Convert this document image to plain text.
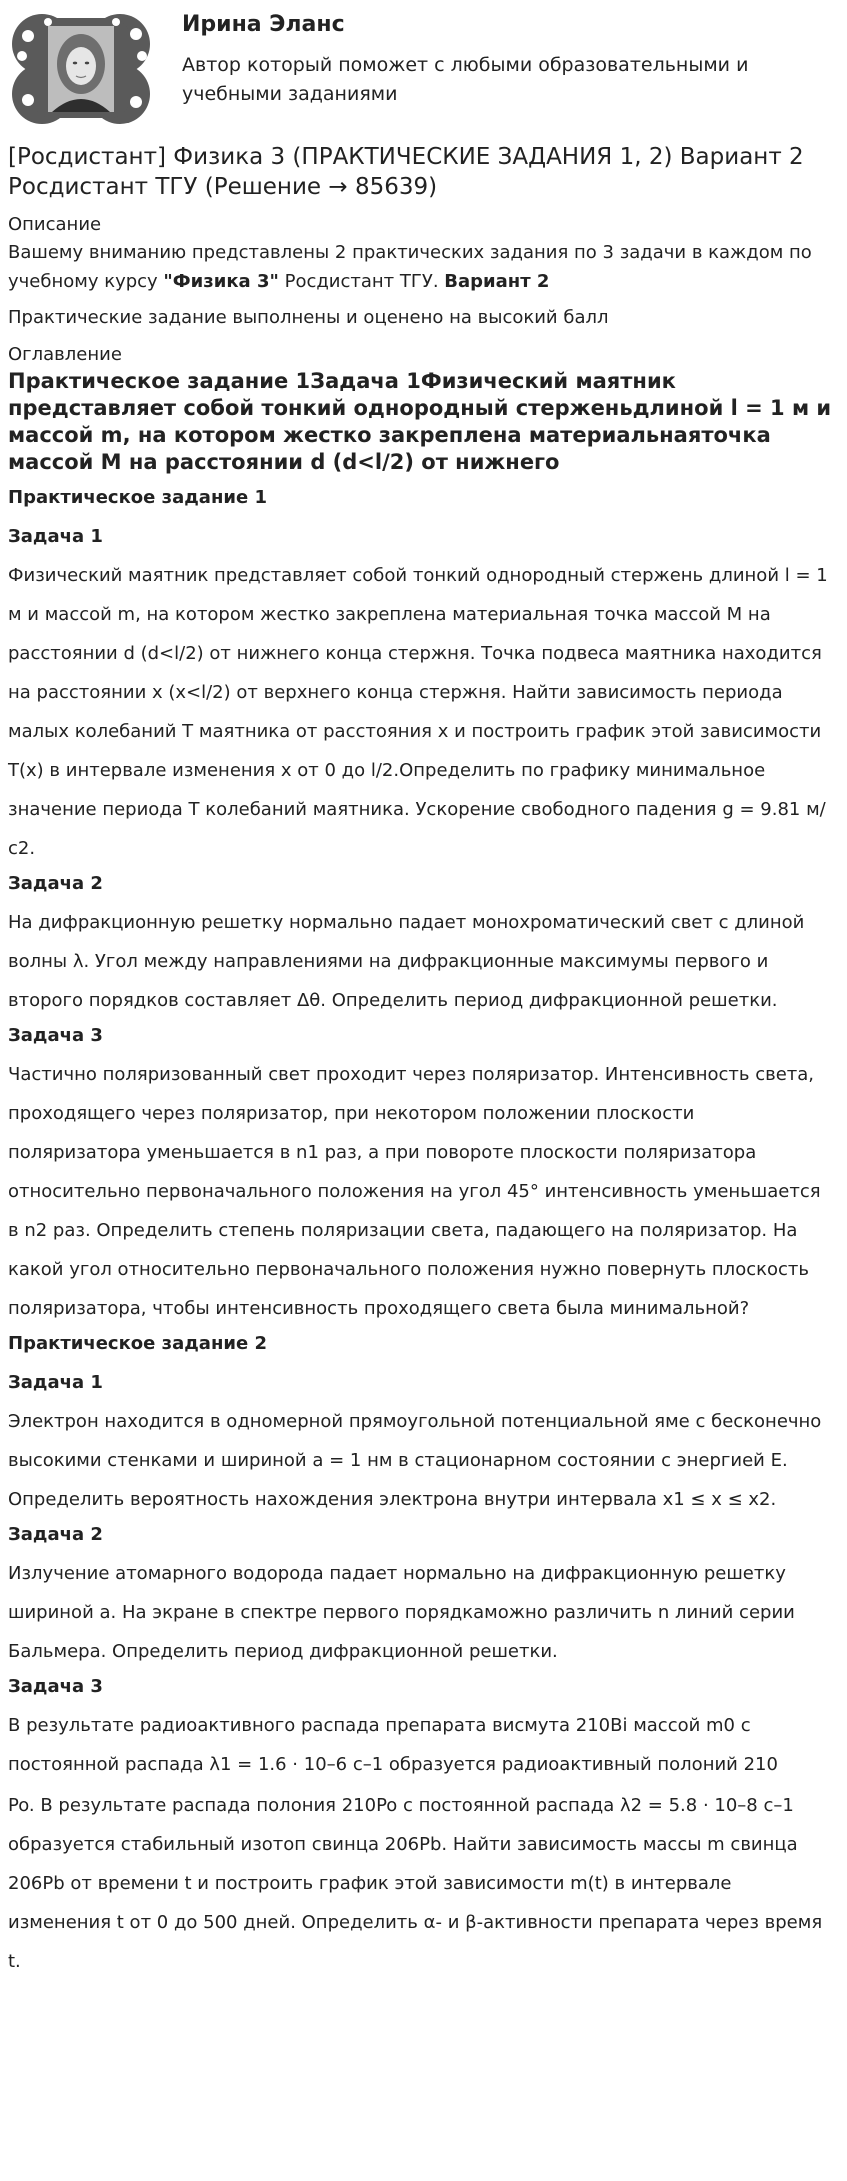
Ирина Эланс

Автор который поможет с любыми образовательными и учебными заданиями

[Росдистант] Физика 3 (ПРАКТИЧЕСКИЕ ЗАДАНИЯ 1, 2) Вариант 2 Росдистант ТГУ (Решение → 85639)

Описание

Вашему вниманию представлены 2 практических задания по 3 задачи в каждом по учебному курсу "Физика 3" Росдистант ТГУ. Вариант 2

Практические задание выполнены и оценено на высокий балл

Оглавление

Практическое задание 1Задача 1Физический маятник представляет собой тонкий однородный стерженьдлиной l = 1 м и массой m, на котором жестко закреплена материальнаяточка массой M на расстоянии d (d<l/2) от нижнего

Практическое задание 1

Задача 1

Физический маятник представляет собой тонкий однородный стержень длиной l = 1 м и массой m, на котором жестко закреплена материальная точка массой M на расстоянии d (d<l/2) от нижнего конца стержня. Точка подвеса маятника находится на расстоянии x (x<l/2) от верхнего конца стержня. Найти зависимость периода малых колебаний T маятника от расстояния x и построить график этой зависимости T(x) в интервале изменения x от 0 до l/2.Определить по графику минимальное значение периода T колебаний маятника. Ускорение свободного падения g = 9.81 м/с2.

Задача 2

На дифракционную решетку нормально падает монохроматический свет с длиной волны λ. Угол между направлениями на дифракционные максимумы первого и второго порядков составляет Δθ. Определить период дифракционной решетки.

Задача 3

Частично поляризованный свет проходит через поляризатор. Интенсивность света, проходящего через поляризатор, при некотором положении плоскости поляризатора уменьшается в n1 раз, а при повороте плоскости поляризатора относительно первоначального положения на угол 45° интенсивность уменьшается в n2 раз. Определить степень поляризации света, падающего на поляризатор. На какой угол относительно первоначального положения нужно повернуть плоскость поляризатора, чтобы интенсивность проходящего света была минимальной?

Практическое задание 2

Задача 1

Электрон находится в одномерной прямоугольной потенциальной яме с бесконечно высокими стенками и шириной a = 1 нм в стационарном состоянии с энергией E. Определить вероятность нахождения электрона внутри интервала x1 ≤ x ≤ x2.

Задача 2

Излучение атомарного водорода падает нормально на дифракционную решетку шириной a. На экране в спектре первого порядкаможно различить n линий серии Бальмера. Определить период дифракционной решетки.

Задача 3

В результате радиоактивного распада препарата висмута 210Bi массой m0 с постоянной распада λ1 = 1.6 · 10–6 с–1 образуется радиоактивный полоний 210

Po. В результате распада полония 210Po с постоянной распада λ2 = 5.8 · 10–8 с–1 образуется стабильный изотоп свинца 206Pb. Найти зависимость массы m свинца 206Pb от времени t и построить график этой зависимости m(t) в интервале изменения t от 0 до 500 дней. Определить α- и β-активности препарата через время t.
